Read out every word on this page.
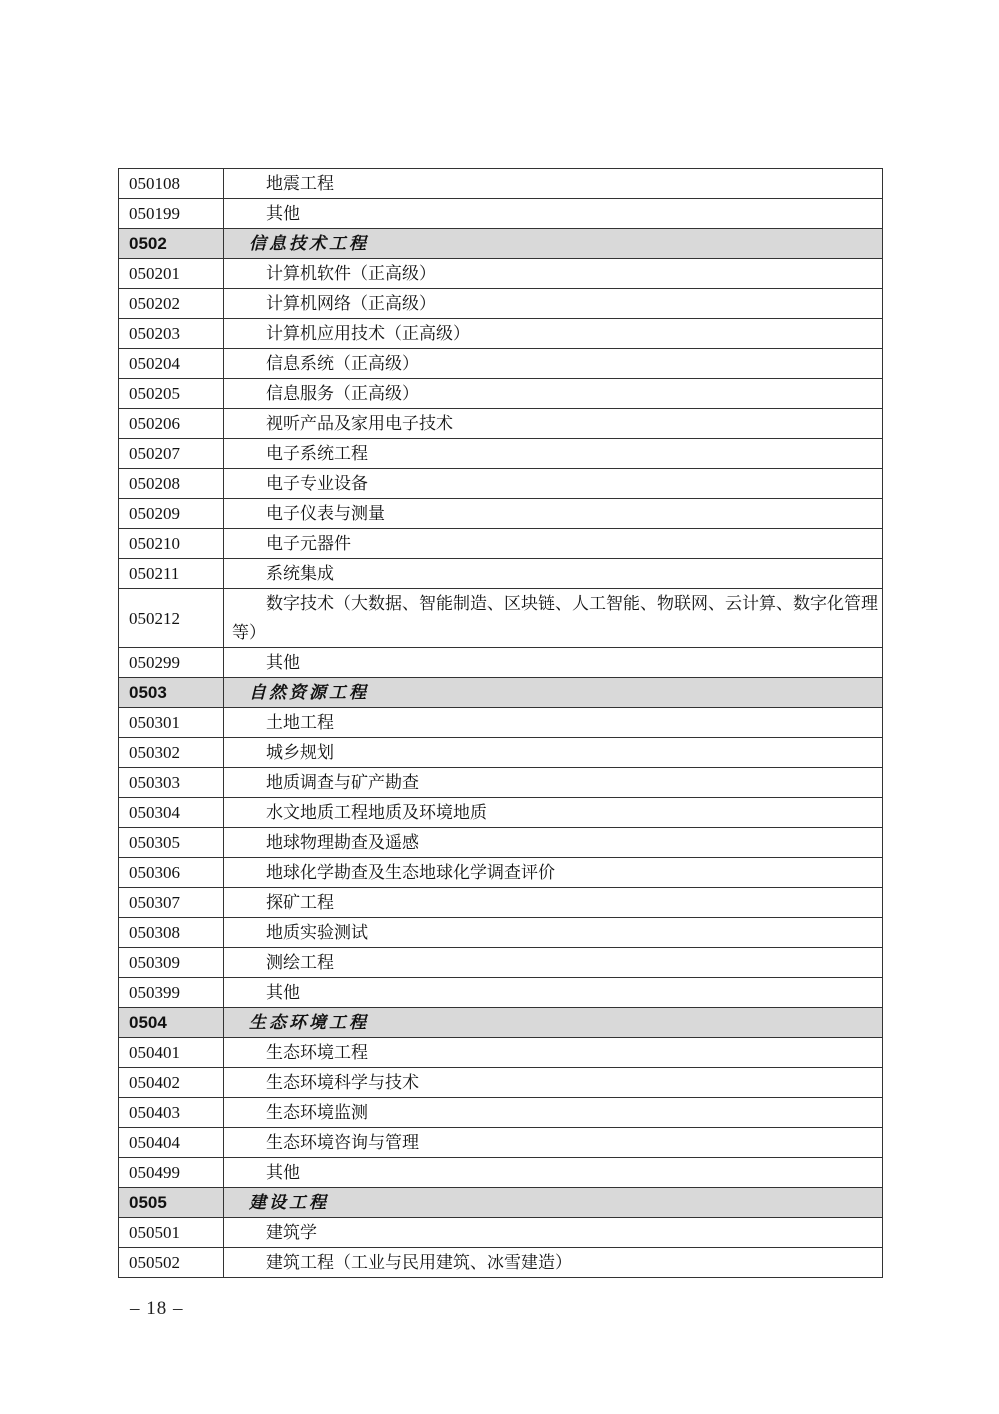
050108	地震工程
050199	其他
0502	信息技术工程
050201	计算机软件（正高级）
050202	计算机网络（正高级）
050203	计算机应用技术（正高级）
050204	信息系统（正高级）
050205	信息服务（正高级）
050206	视听产品及家用电子技术
050207	电子系统工程
050208	电子专业设备
050209	电子仪表与测量
050210	电子元器件
050211	系统集成
050212	数字技术（大数据、智能制造、区块链、人工智能、物联网、云计算、数字化管理等）
050299	其他
0503	自然资源工程
050301	土地工程
050302	城乡规划
050303	地质调查与矿产勘查
050304	水文地质工程地质及环境地质
050305	地球物理勘查及遥感
050306	地球化学勘查及生态地球化学调查评价
050307	探矿工程
050308	地质实验测试
050309	测绘工程
050399	其他
0504	生态环境工程
050401	生态环境工程
050402	生态环境科学与技术
050403	生态环境监测
050404	生态环境咨询与管理
050499	其他
0505	建设工程
050501	建筑学
050502	建筑工程（工业与民用建筑、冰雪建造）
– 18 –
